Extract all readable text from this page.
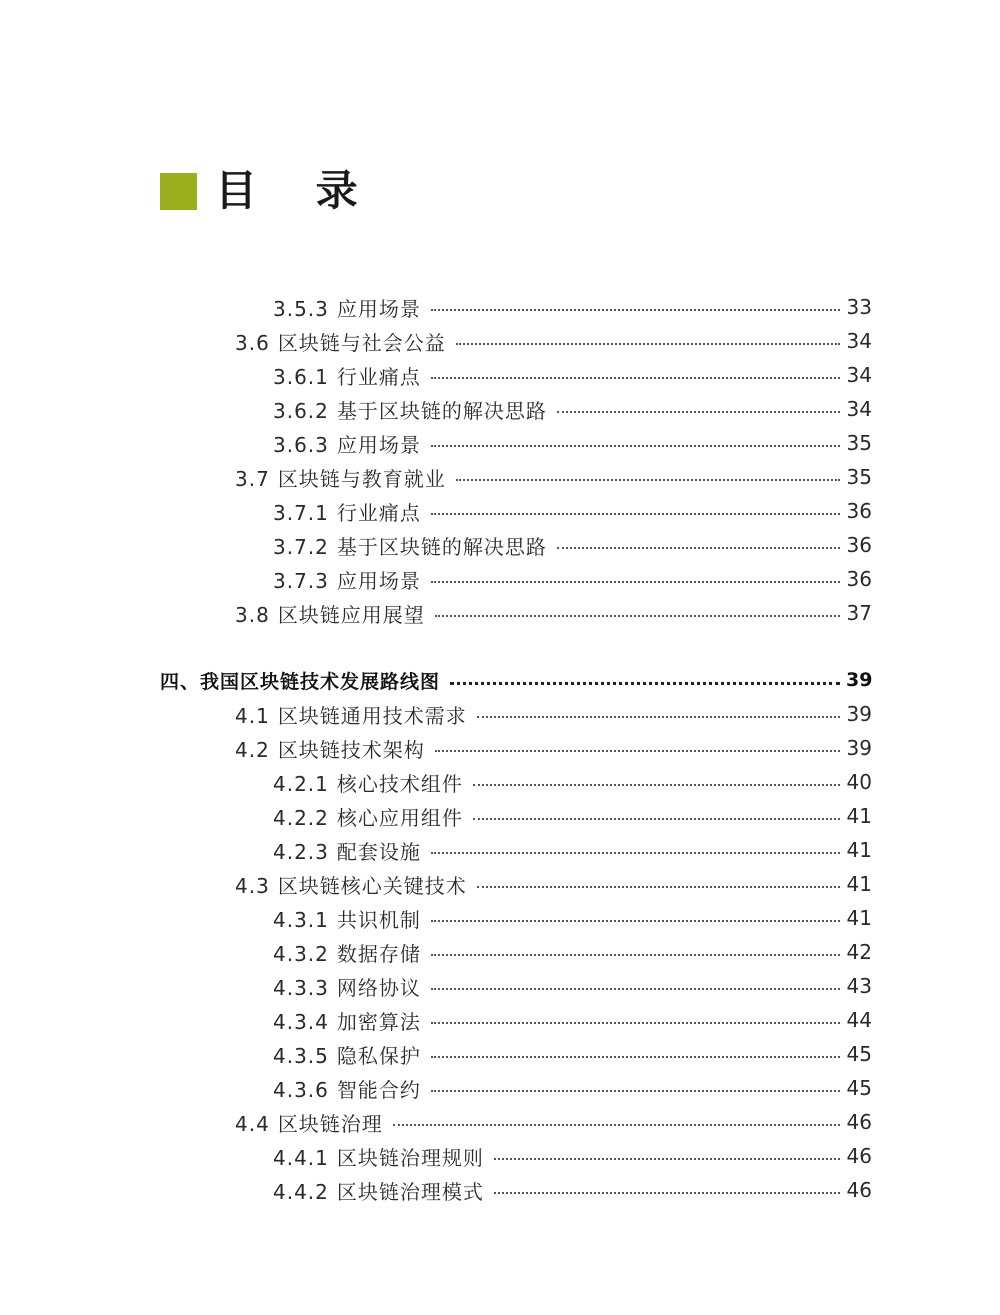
目 录
3.5.3 应用场景	33
3.6 区块链与社会公益	34
3.6.1 行业痛点	34
3.6.2 基于区块链的解决思路	34
3.6.3 应用场景	35
3.7 区块链与教育就业	35
3.7.1 行业痛点	36
3.7.2 基于区块链的解决思路	36
3.7.3 应用场景	36
3.8 区块链应用展望	37
四、我国区块链技术发展路线图	39
4.1 区块链通用技术需求	39
4.2 区块链技术架构	39
4.2.1 核心技术组件	40
4.2.2 核心应用组件	41
4.2.3 配套设施	41
4.3 区块链核心关键技术	41
4.3.1 共识机制	41
4.3.2 数据存储	42
4.3.3 网络协议	43
4.3.4 加密算法	44
4.3.5 隐私保护	45
4.3.6 智能合约	45
4.4 区块链治理	46
4.4.1 区块链治理规则	46
4.4.2 区块链治理模式	46
